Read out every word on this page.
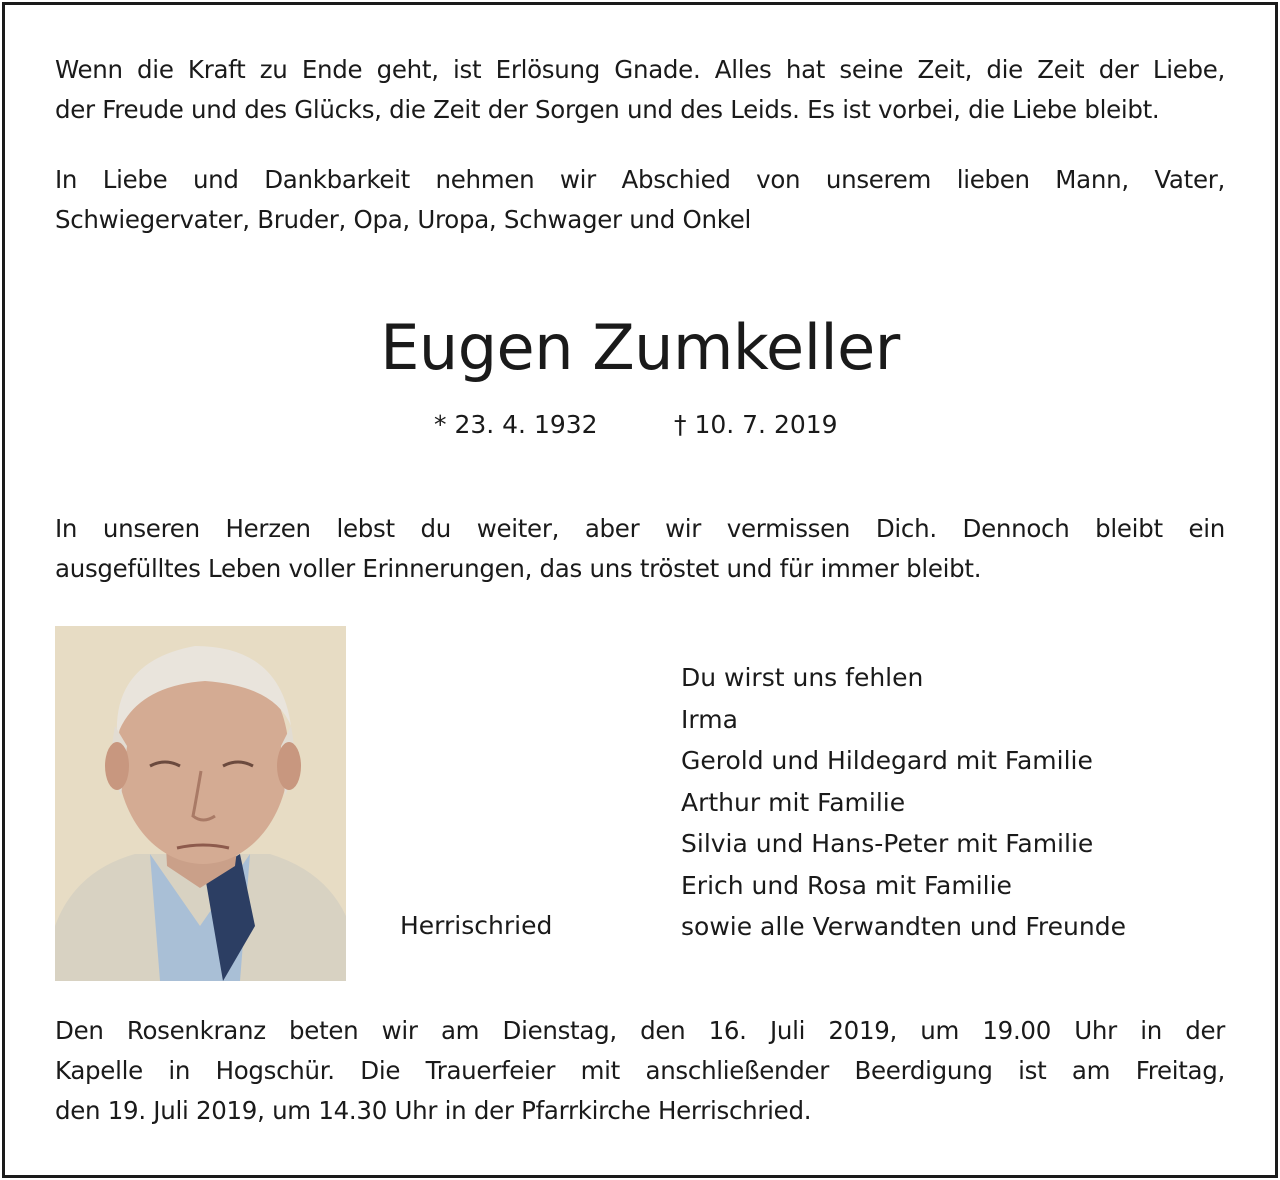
Wenn die Kraft zu Ende geht, ist Erlösung Gnade. Alles hat seine Zeit, die Zeit der Liebe,
der Freude und des Glücks, die Zeit der Sorgen und des Leids. Es ist vorbei, die Liebe bleibt.
In Liebe und Dankbarkeit nehmen wir Abschied von unserem lieben Mann, Vater,
Schwiegervater, Bruder, Opa, Uropa, Schwager und Onkel
Eugen Zumkeller
* 23. 4. 1932	† 10. 7. 2019
In unseren Herzen lebst du weiter, aber wir vermissen Dich. Dennoch bleibt ein
ausgefülltes Leben voller Erinnerungen, das uns tröstet und für immer bleibt.
Herrischried
Du wirst uns fehlen
Irma
Gerold und Hildegard mit Familie
Arthur mit Familie
Silvia und Hans-Peter mit Familie
Erich und Rosa mit Familie
sowie alle Verwandten und Freunde
Den Rosenkranz beten wir am Dienstag, den 16. Juli 2019, um 19.00 Uhr in der
Kapelle in Hogschür. Die Trauerfeier mit anschließender Beerdigung ist am Freitag,
den 19. Juli 2019, um 14.30 Uhr in der Pfarrkirche Herrischried.
